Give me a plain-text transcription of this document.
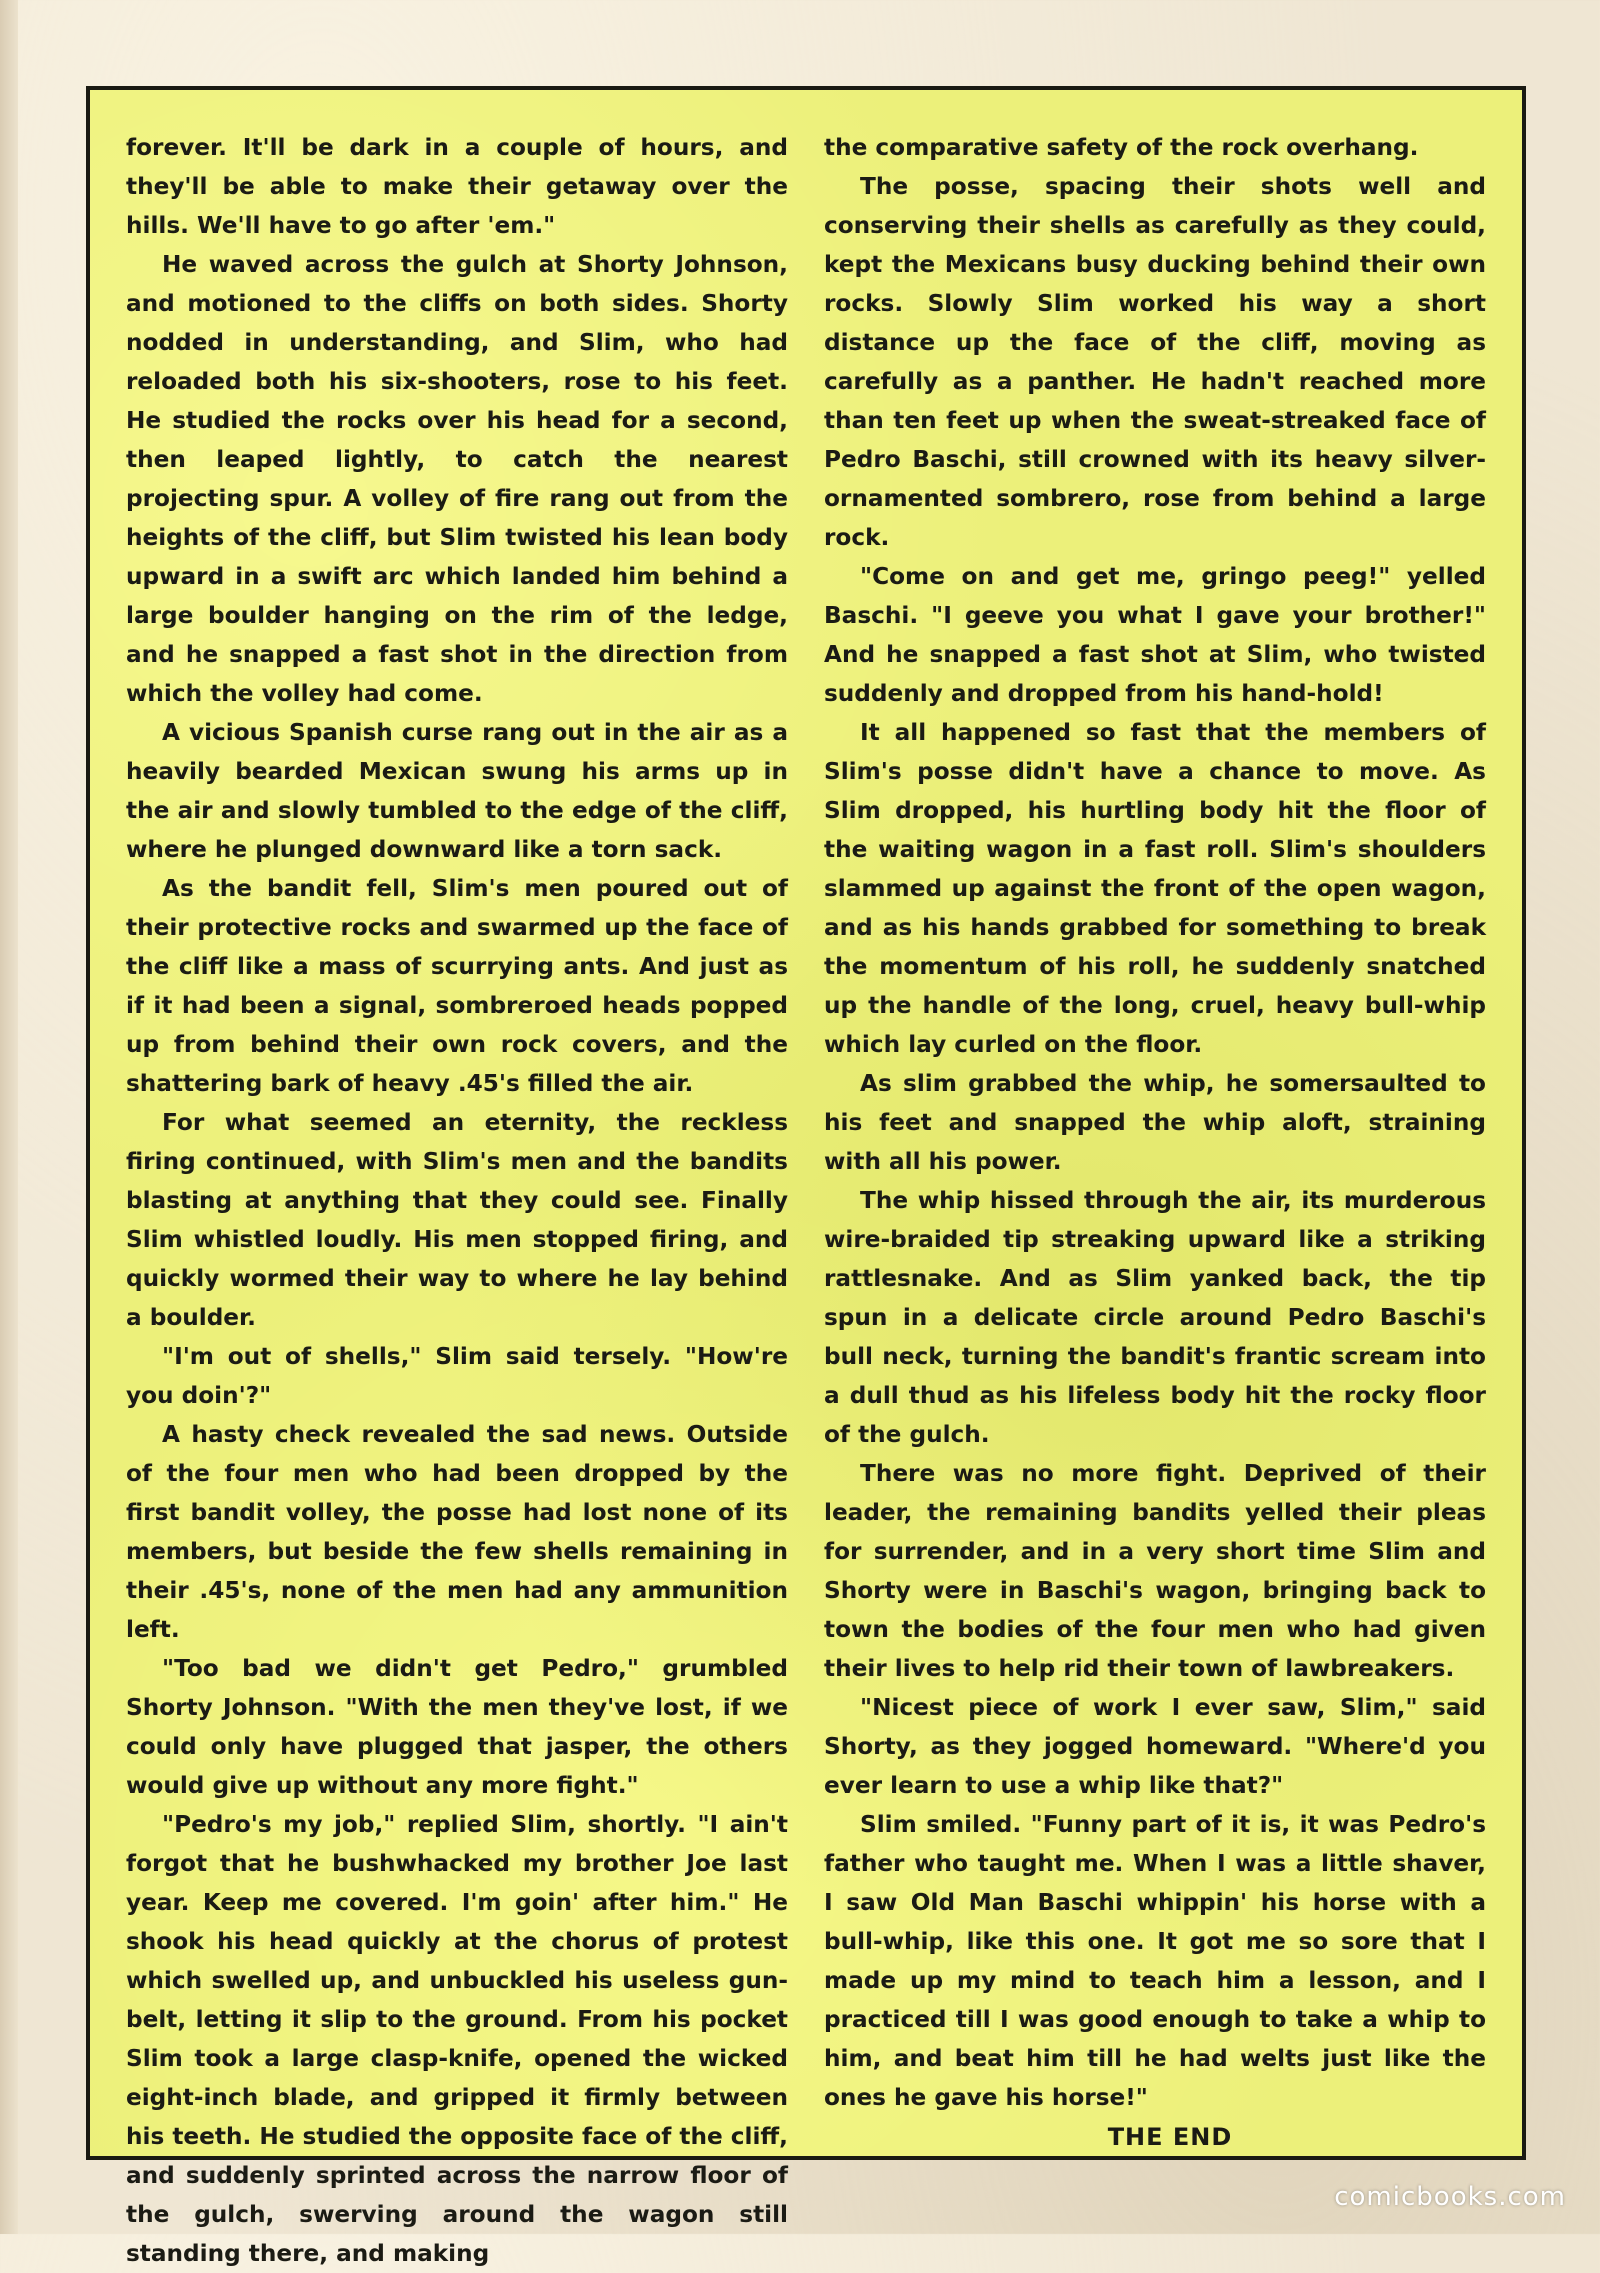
forever. It'll be dark in a couple of hours, and they'll be able to make their getaway over the hills. We'll have to go after 'em."

He waved across the gulch at Shorty Johnson, and motioned to the cliffs on both sides. Shorty nodded in understanding, and Slim, who had reloaded both his six-shooters, rose to his feet. He studied the rocks over his head for a second, then leaped lightly, to catch the nearest projecting spur. A volley of fire rang out from the heights of the cliff, but Slim twisted his lean body upward in a swift arc which landed him behind a large boulder hanging on the rim of the ledge, and he snapped a fast shot in the direction from which the volley had come.

A vicious Spanish curse rang out in the air as a heavily bearded Mexican swung his arms up in the air and slowly tumbled to the edge of the cliff, where he plunged downward like a torn sack.

As the bandit fell, Slim's men poured out of their protective rocks and swarmed up the face of the cliff like a mass of scurrying ants. And just as if it had been a signal, sombreroed heads popped up from behind their own rock covers, and the shattering bark of heavy .45's filled the air.

For what seemed an eternity, the reckless firing continued, with Slim's men and the bandits blasting at anything that they could see. Finally Slim whistled loudly. His men stopped firing, and quickly wormed their way to where he lay behind a boulder.

"I'm out of shells," Slim said tersely. "How're you doin'?"

A hasty check revealed the sad news. Outside of the four men who had been dropped by the first bandit volley, the posse had lost none of its members, but beside the few shells remaining in their .45's, none of the men had any ammunition left.

"Too bad we didn't get Pedro," grumbled Shorty Johnson. "With the men they've lost, if we could only have plugged that jasper, the others would give up without any more fight."

"Pedro's my job," replied Slim, shortly. "I ain't forgot that he bushwhacked my brother Joe last year. Keep me covered. I'm goin' after him." He shook his head quickly at the chorus of protest which swelled up, and unbuckled his useless gun-belt, letting it slip to the ground. From his pocket Slim took a large clasp-knife, opened the wicked eight-inch blade, and gripped it firmly between his teeth. He studied the opposite face of the cliff, and suddenly sprinted across the narrow floor of the gulch, swerving around the wagon still standing there, and making

the comparative safety of the rock overhang.

The posse, spacing their shots well and conserving their shells as carefully as they could, kept the Mexicans busy ducking behind their own rocks. Slowly Slim worked his way a short distance up the face of the cliff, moving as carefully as a panther. He hadn't reached more than ten feet up when the sweat-streaked face of Pedro Baschi, still crowned with its heavy silver-ornamented sombrero, rose from behind a large rock.

"Come on and get me, gringo peeg!" yelled Baschi. "I geeve you what I gave your brother!" And he snapped a fast shot at Slim, who twisted suddenly and dropped from his hand-hold!

It all happened so fast that the members of Slim's posse didn't have a chance to move. As Slim dropped, his hurtling body hit the floor of the waiting wagon in a fast roll. Slim's shoulders slammed up against the front of the open wagon, and as his hands grabbed for something to break the momentum of his roll, he suddenly snatched up the handle of the long, cruel, heavy bull-whip which lay curled on the floor.

As slim grabbed the whip, he somersaulted to his feet and snapped the whip aloft, straining with all his power.

The whip hissed through the air, its murderous wire-braided tip streaking upward like a striking rattlesnake. And as Slim yanked back, the tip spun in a delicate circle around Pedro Baschi's bull neck, turning the bandit's frantic scream into a dull thud as his lifeless body hit the rocky floor of the gulch.

There was no more fight. Deprived of their leader, the remaining bandits yelled their pleas for surrender, and in a very short time Slim and Shorty were in Baschi's wagon, bringing back to town the bodies of the four men who had given their lives to help rid their town of lawbreakers.

"Nicest piece of work I ever saw, Slim," said Shorty, as they jogged homeward. "Where'd you ever learn to use a whip like that?"

Slim smiled. "Funny part of it is, it was Pedro's father who taught me. When I was a little shaver, I saw Old Man Baschi whippin' his horse with a bull-whip, like this one. It got me so sore that I made up my mind to teach him a lesson, and I practiced till I was good enough to take a whip to him, and beat him till he had welts just like the ones he gave his horse!"

THE END
comicbooks.com
